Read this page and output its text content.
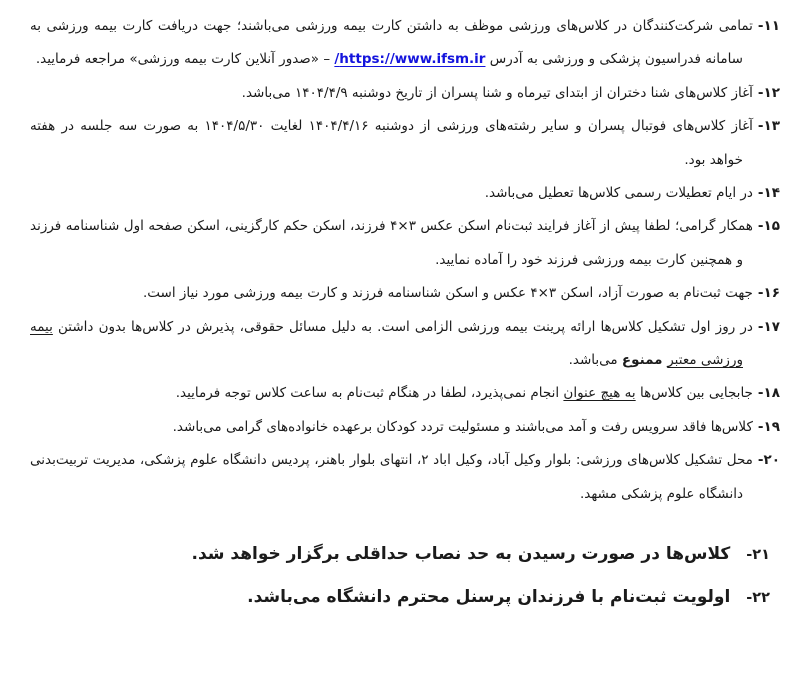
۱۱-تمامی شرکت‌کنندگان در کلاس‌های ورزشی موظف به داشتن کارت بیمه ورزشی می‌باشند؛ جهت دریافت کارت بیمه ورزشی به سامانه فدراسیون پزشکی و ورزشی به آدرس https://www.ifsm.ir/ – «صدور آنلاین کارت بیمه ورزشی» مراجعه فرمایید.
۱۲-آغاز کلاس‌های شنا دختران از ابتدای تیرماه و شنا پسران از تاریخ دوشنبه ۱۴۰۴/۴/۹ می‌باشد.
۱۳-آغاز کلاس‌های فوتبال پسران و سایر رشته‌های ورزشی از دوشنبه ۱۴۰۴/۴/۱۶ لغایت ۱۴۰۴/۵/۳۰ به صورت سه جلسه در هفته خواهد بود.
۱۴-در ایام تعطیلات رسمی کلاس‌ها تعطیل می‌باشد.
۱۵-همکار گرامی؛ لطفا پیش از آغاز فرایند ثبت‌نام اسکن عکس ۳×۴ فرزند، اسکن حکم کارگزینی، اسکن صفحه اول شناسنامه فرزند و همچنین کارت بیمه ورزشی فرزند خود را آماده نمایید.
۱۶-جهت ثبت‌نام به صورت آزاد، اسکن ۳×۴ عکس و اسکن شناسنامه فرزند و کارت بیمه ورزشی مورد نیاز است.
۱۷-در روز اول تشکیل کلاس‌ها ارائه پرینت بیمه ورزشی الزامی است. به دلیل مسائل حقوقی، پذیرش در کلاس‌ها بدون داشتن بیمه ورزشی معتبر ممنوع می‌باشد.
۱۸-جابجایی بین کلاس‌ها به هیچ عنوان انجام نمی‌پذیرد، لطفا در هنگام ثبت‌نام به ساعت کلاس توجه فرمایید.
۱۹-کلاس‌ها فاقد سرویس رفت و آمد می‌باشند و مسئولیت تردد کودکان برعهده خانواده‌های گرامی می‌باشد.
۲۰-محل تشکیل کلاس‌های ورزشی: بلوار وکیل آباد، وکیل اباد ۲، انتهای بلوار باهنر، پردیس دانشگاه علوم پزشکی، مدیریت تربیت‌بدنی دانشگاه علوم پزشکی مشهد.
۲۱-کلاس‌ها در صورت رسیدن به حد نصاب حداقلی برگزار خواهد شد.
۲۲-اولویت ثبت‌نام با فرزندان پرسنل محترم دانشگاه می‌باشد.
